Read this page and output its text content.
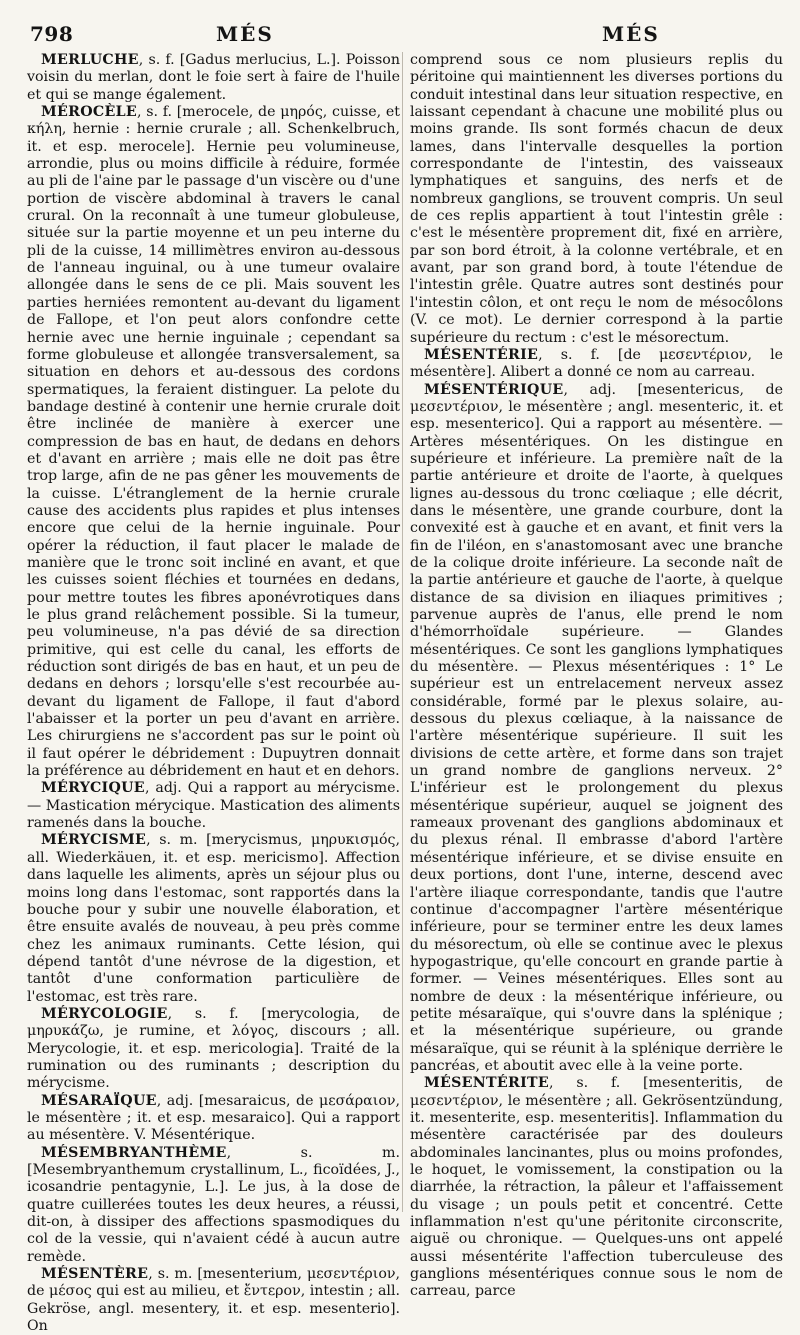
798	MÉS	MÉS

MERLUCHE, s. f. [Gadus merlucius, L.]. Poisson voisin du merlan, dont le foie sert à faire de l'huile et qui se mange également.

MÉROCÈLE, s. f. [merocele, de μηρός, cuisse, et κήλη, hernie : hernie crurale ; all. Schenkelbruch, it. et esp. merocele]. Hernie peu volumineuse, arrondie, plus ou moins difficile à réduire, formée au pli de l'aine par le passage d'un viscère ou d'une portion de viscère abdominal à travers le canal crural. On la reconnaît à une tumeur globuleuse, située sur la partie moyenne et un peu interne du pli de la cuisse, 14 millimètres environ au-dessous de l'anneau inguinal, ou à une tumeur ovalaire allongée dans le sens de ce pli. Mais souvent les parties herniées remontent au-devant du ligament de Fallope, et l'on peut alors confondre cette hernie avec une hernie inguinale ; cependant sa forme globuleuse et allongée transversalement, sa situation en dehors et au-dessous des cordons spermatiques, la feraient distinguer. La pelote du bandage destiné à contenir une hernie crurale doit être inclinée de manière à exercer une compression de bas en haut, de dedans en dehors et d'avant en arrière ; mais elle ne doit pas être trop large, afin de ne pas gêner les mouvements de la cuisse. L'étranglement de la hernie crurale cause des accidents plus rapides et plus intenses encore que celui de la hernie inguinale. Pour opérer la réduction, il faut placer le malade de manière que le tronc soit incliné en avant, et que les cuisses soient fléchies et tournées en dedans, pour mettre toutes les fibres aponévrotiques dans le plus grand relâchement possible. Si la tumeur, peu volumineuse, n'a pas dévié de sa direction primitive, qui est celle du canal, les efforts de réduction sont dirigés de bas en haut, et un peu de dedans en dehors ; lorsqu'elle s'est recourbée au-devant du ligament de Fallope, il faut d'abord l'abaisser et la porter un peu d'avant en arrière. Les chirurgiens ne s'accordent pas sur le point où il faut opérer le débridement : Dupuytren donnait la préférence au débridement en haut et en dehors.

MÉRYCIQUE, adj. Qui a rapport au mérycisme. — Mastication mérycique. Mastication des aliments ramenés dans la bouche.

MÉRYCISME, s. m. [merycismus, μηρυκισμός, all. Wiederkäuen, it. et esp. mericismo]. Affection dans laquelle les aliments, après un séjour plus ou moins long dans l'estomac, sont rapportés dans la bouche pour y subir une nouvelle élaboration, et être ensuite avalés de nouveau, à peu près comme chez les animaux ruminants. Cette lésion, qui dépend tantôt d'une névrose de la digestion, et tantôt d'une conformation particulière de l'estomac, est très rare.

MÉRYCOLOGIE, s. f. [merycologia, de μηρυκάζω, je rumine, et λόγος, discours ; all. Merycologie, it. et esp. mericologia]. Traité de la rumination ou des ruminants ; description du mérycisme.

MÉSARAÏQUE, adj. [mesaraicus, de μεσάραιον, le mésentère ; it. et esp. mesaraico]. Qui a rapport au mésentère. V. Mésentérique.

MÉSEMBRYANTHÈME, s. m. [Mesembryanthemum crystallinum, L., ficoïdées, J., icosandrie pentagynie, L.]. Le jus, à la dose de quatre cuillerées toutes les deux heures, a réussi, dit-on, à dissiper des affections spasmodiques du col de la vessie, qui n'avaient cédé à aucun autre remède.

MÉSENTÈRE, s. m. [mesenterium, μεσεντέριον, de μέσος qui est au milieu, et ἔντερον, intestin ; all. Gekröse, angl. mesentery, it. et esp. mesenterio]. On

comprend sous ce nom plusieurs replis du péritoine qui maintiennent les diverses portions du conduit intestinal dans leur situation respective, en laissant cependant à chacune une mobilité plus ou moins grande. Ils sont formés chacun de deux lames, dans l'intervalle desquelles la portion correspondante de l'intestin, des vaisseaux lymphatiques et sanguins, des nerfs et de nombreux ganglions, se trouvent compris. Un seul de ces replis appartient à tout l'intestin grêle : c'est le mésentère proprement dit, fixé en arrière, par son bord étroit, à la colonne vertébrale, et en avant, par son grand bord, à toute l'étendue de l'intestin grêle. Quatre autres sont destinés pour l'intestin côlon, et ont reçu le nom de mésocôlons (V. ce mot). Le dernier correspond à la partie supérieure du rectum : c'est le mésorectum.

MÉSENTÉRIE, s. f. [de μεσεντέριον, le mésentère]. Alibert a donné ce nom au carreau.

MÉSENTÉRIQUE, adj. [mesentericus, de μεσεντέριον, le mésentère ; angl. mesenteric, it. et esp. mesenterico]. Qui a rapport au mésentère. — Artères mésentériques. On les distingue en supérieure et inférieure. La première naît de la partie antérieure et droite de l'aorte, à quelques lignes au-dessous du tronc cœliaque ; elle décrit, dans le mésentère, une grande courbure, dont la convexité est à gauche et en avant, et finit vers la fin de l'iléon, en s'anastomosant avec une branche de la colique droite inférieure. La seconde naît de la partie antérieure et gauche de l'aorte, à quelque distance de sa division en iliaques primitives ; parvenue auprès de l'anus, elle prend le nom d'hémorrhoïdale supérieure. — Glandes mésentériques. Ce sont les ganglions lymphatiques du mésentère. — Plexus mésentériques : 1° Le supérieur est un entrelacement nerveux assez considérable, formé par le plexus solaire, au-dessous du plexus cœliaque, à la naissance de l'artère mésentérique supérieure. Il suit les divisions de cette artère, et forme dans son trajet un grand nombre de ganglions nerveux. 2° L'inférieur est le prolongement du plexus mésentérique supérieur, auquel se joignent des rameaux provenant des ganglions abdominaux et du plexus rénal. Il embrasse d'abord l'artère mésentérique inférieure, et se divise ensuite en deux portions, dont l'une, interne, descend avec l'artère iliaque correspondante, tandis que l'autre continue d'accompagner l'artère mésentérique inférieure, pour se terminer entre les deux lames du mésorectum, où elle se continue avec le plexus hypogastrique, qu'elle concourt en grande partie à former. — Veines mésentériques. Elles sont au nombre de deux : la mésentérique inférieure, ou petite mésaraïque, qui s'ouvre dans la splénique ; et la mésentérique supérieure, ou grande mésaraïque, qui se réunit à la splénique derrière le pancréas, et aboutit avec elle à la veine porte.

MÉSENTÉRITE, s. f. [mesenteritis, de μεσεντέριον, le mésentère ; all. Gekrösentzündung, it. mesenterite, esp. mesenteritis]. Inflammation du mésentère caractérisée par des douleurs abdominales lancinantes, plus ou moins profondes, le hoquet, le vomissement, la constipation ou la diarrhée, la rétraction, la pâleur et l'affaissement du visage ; un pouls petit et concentré. Cette inflammation n'est qu'une péritonite circonscrite, aiguë ou chronique. — Quelques-uns ont appelé aussi mésentérite l'affection tuberculeuse des ganglions mésentériques connue sous le nom de carreau, parce
